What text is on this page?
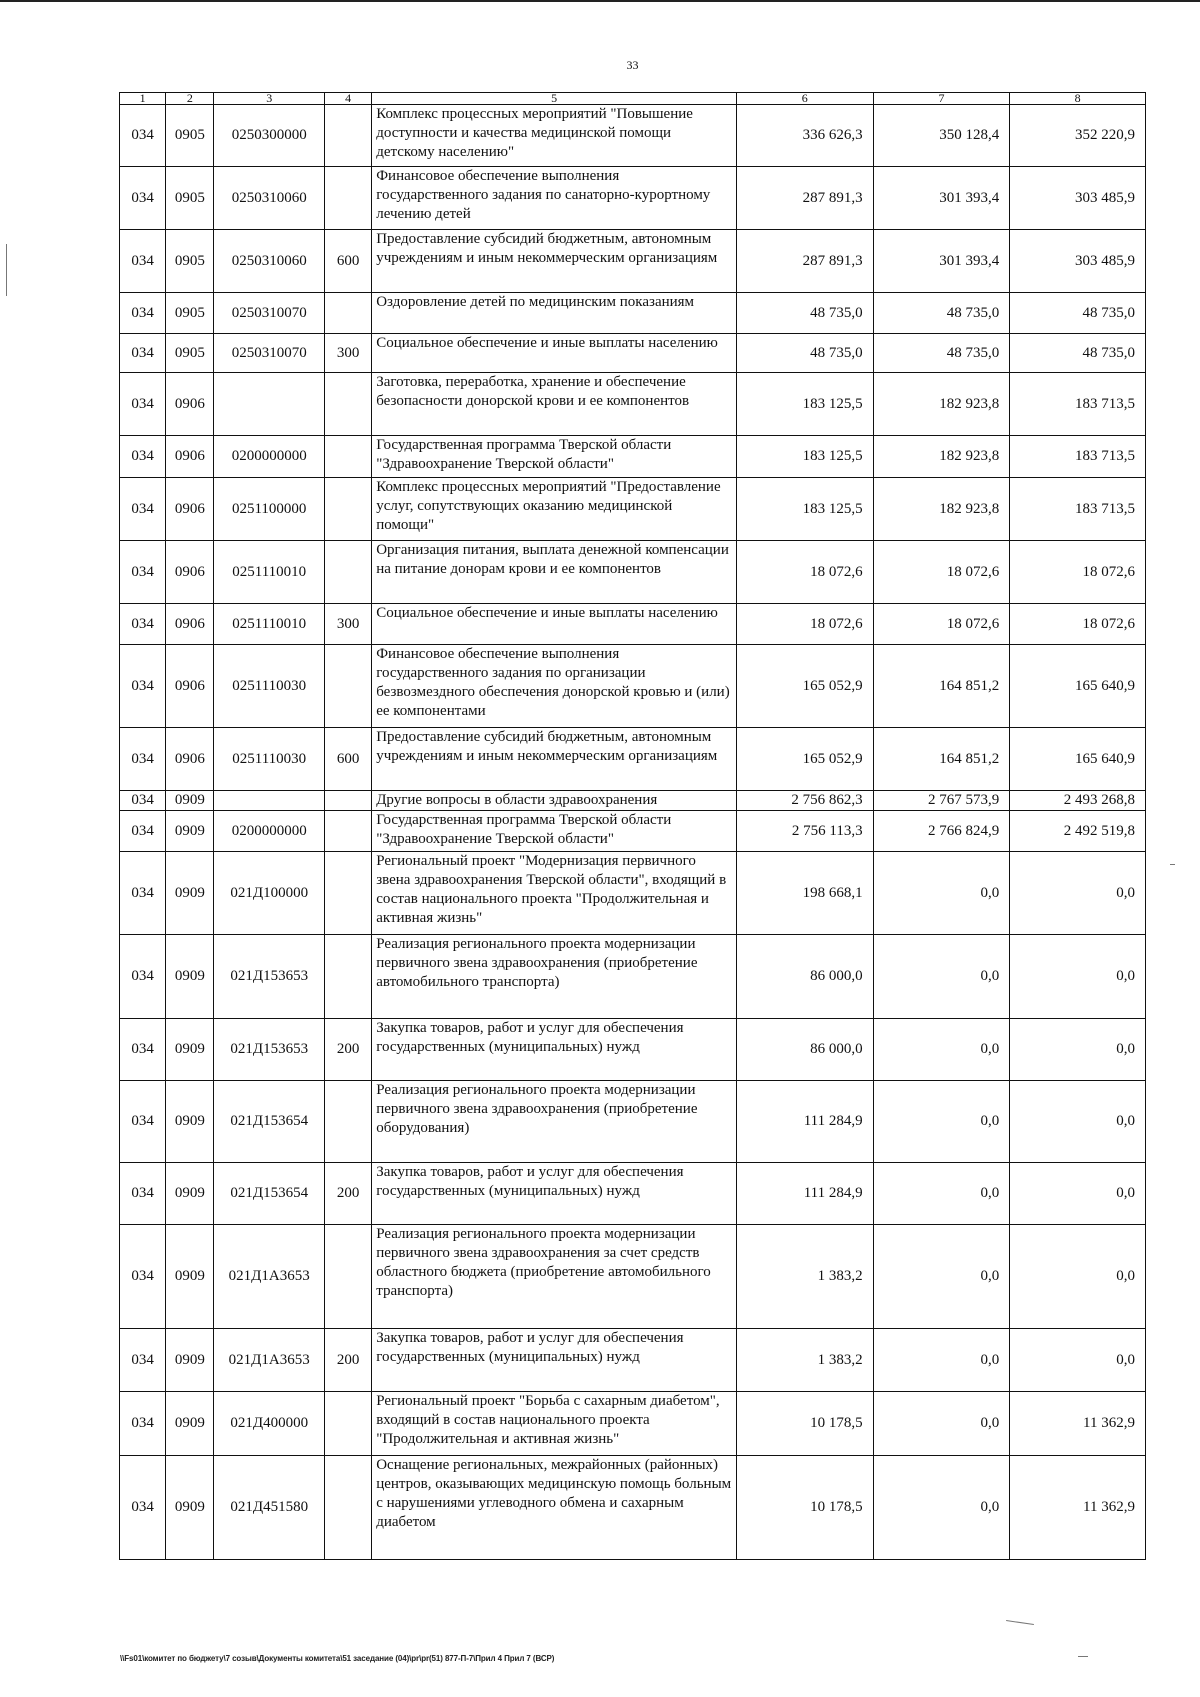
33
1	2	3	4	5	6	7	8
034	0905	0250300000		Комплекс процессных мероприятий "Повышение доступности и качества медицинской помощи детскому населению"	336 626,3	350 128,4	352 220,9
034	0905	0250310060		Финансовое обеспечение выполнения государственного задания по санаторно-курортному лечению детей	287 891,3	301 393,4	303 485,9
034	0905	0250310060	600	Предоставление субсидий бюджетным, автономным учреждениям и иным некоммерческим организациям	287 891,3	301 393,4	303 485,9
034	0905	0250310070		Оздоровление детей по медицинским показаниям	48 735,0	48 735,0	48 735,0
034	0905	0250310070	300	Социальное обеспечение и иные выплаты населению	48 735,0	48 735,0	48 735,0
034	0906			Заготовка, переработка, хранение и обеспечение безопасности донорской крови и ее компонентов	183 125,5	182 923,8	183 713,5
034	0906	0200000000		Государственная программа Тверской области "Здравоохранение Тверской области"	183 125,5	182 923,8	183 713,5
034	0906	0251100000		Комплекс процессных мероприятий "Предоставление услуг, сопутствующих оказанию медицинской помощи"	183 125,5	182 923,8	183 713,5
034	0906	0251110010		Организация питания, выплата денежной компенсации на питание донорам крови и ее компонентов	18 072,6	18 072,6	18 072,6
034	0906	0251110010	300	Социальное обеспечение и иные выплаты населению	18 072,6	18 072,6	18 072,6
034	0906	0251110030		Финансовое обеспечение выполнения государственного задания по организации безвозмездного обеспечения донорской кровью и (или) ее компонентами	165 052,9	164 851,2	165 640,9
034	0906	0251110030	600	Предоставление субсидий бюджетным, автономным учреждениям и иным некоммерческим организациям	165 052,9	164 851,2	165 640,9
034	0909			Другие вопросы в области здравоохранения	2 756 862,3	2 767 573,9	2 493 268,8
034	0909	0200000000		Государственная программа Тверской области "Здравоохранение Тверской области"	2 756 113,3	2 766 824,9	2 492 519,8
034	0909	021Д100000		Региональный проект "Модернизация первичного звена здравоохранения Тверской области", входящий в состав национального проекта "Продолжительная и активная жизнь"	198 668,1	0,0	0,0
034	0909	021Д153653		Реализация регионального проекта модернизации первичного звена здравоохранения (приобретение автомобильного транспорта)	86 000,0	0,0	0,0
034	0909	021Д153653	200	Закупка товаров, работ и услуг для обеспечения государственных (муниципальных) нужд	86 000,0	0,0	0,0
034	0909	021Д153654		Реализация регионального проекта модернизации первичного звена здравоохранения (приобретение оборудования)	111 284,9	0,0	0,0
034	0909	021Д153654	200	Закупка товаров, работ и услуг для обеспечения государственных (муниципальных) нужд	111 284,9	0,0	0,0
034	0909	021Д1А3653		Реализация регионального проекта модернизации первичного звена здравоохранения за счет средств областного бюджета (приобретение автомобильного транспорта)	1 383,2	0,0	0,0
034	0909	021Д1А3653	200	Закупка товаров, работ и услуг для обеспечения государственных (муниципальных) нужд	1 383,2	0,0	0,0
034	0909	021Д400000		Региональный проект "Борьба с сахарным диабетом", входящий в состав национального проекта "Продолжительная и активная жизнь"	10 178,5	0,0	11 362,9
034	0909	021Д451580		Оснащение региональных, межрайонных (районных) центров, оказывающих медицинскую помощь больным с нарушениями углеводного обмена и сахарным диабетом	10 178,5	0,0	11 362,9
\\Fs01\комитет по бюджету\7 созыв\Документы комитета\51 заседание (04)\pr\pr(51) 877-П-7\Прил 4 Прил 7 (ВСР)
